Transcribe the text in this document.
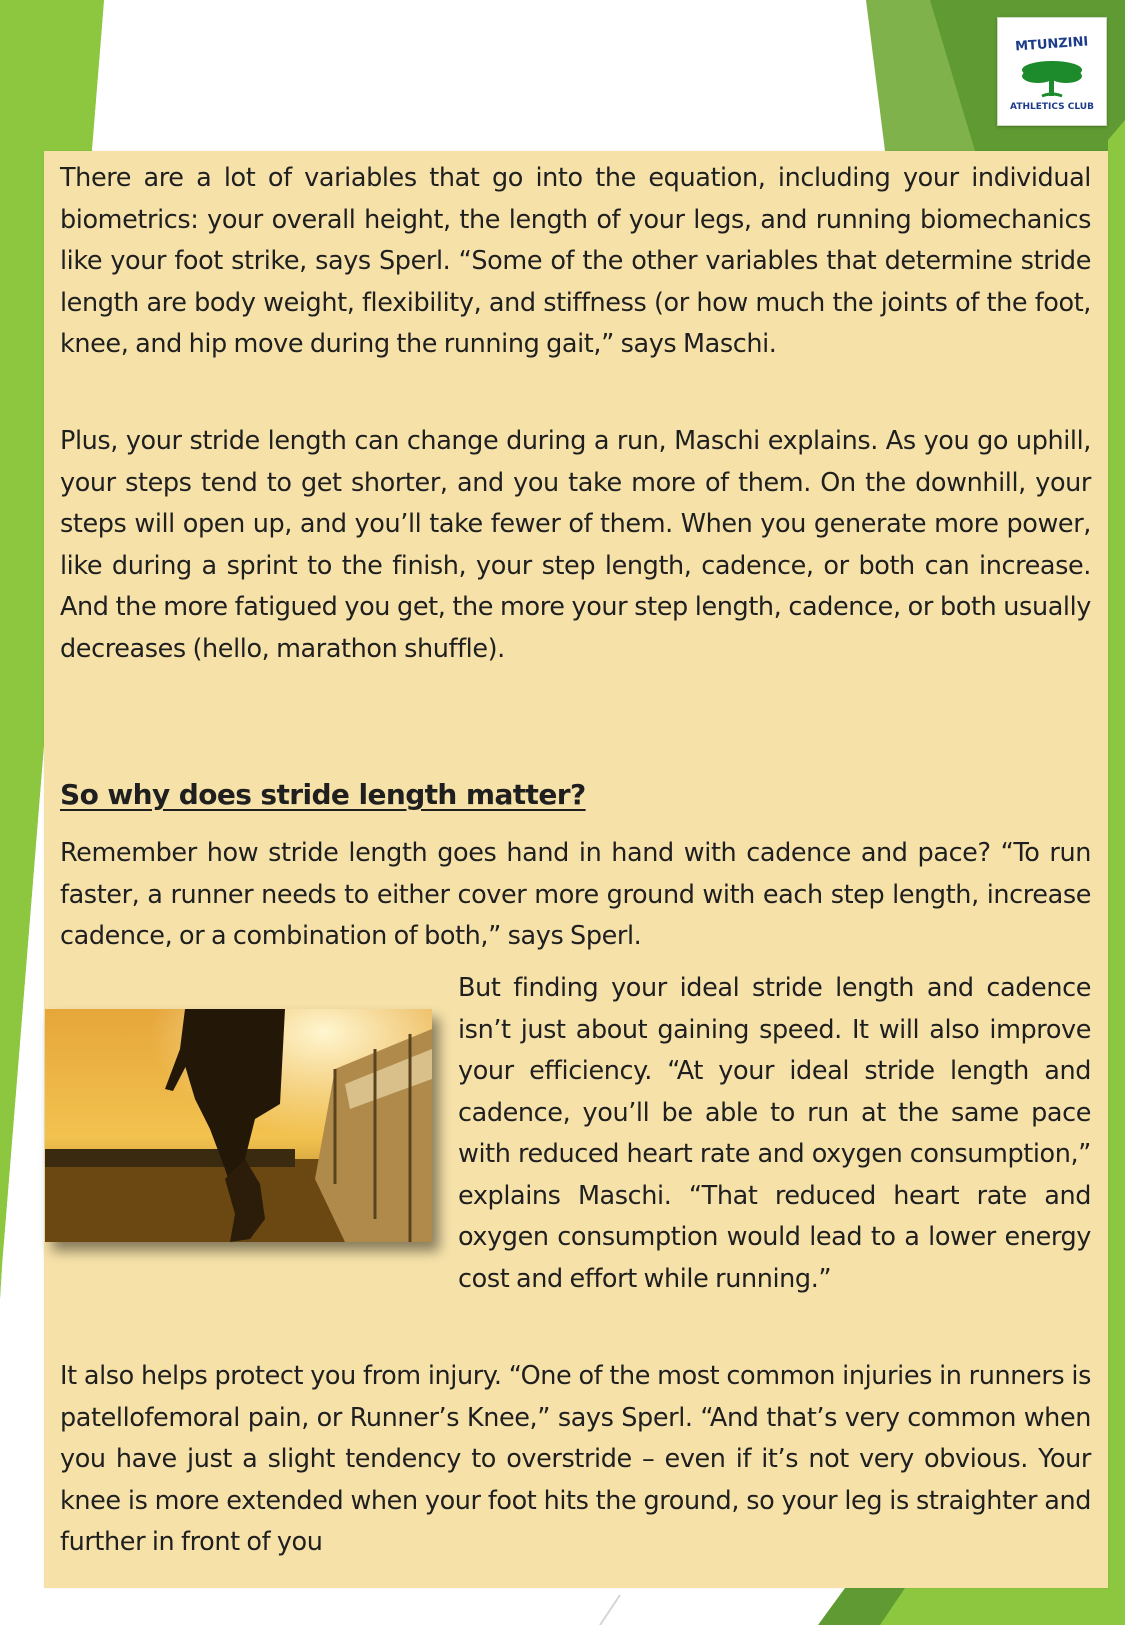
MTUNZINI
ATHLETICS CLUB

There are a lot of variables that go into the equation, including your individual biometrics: your overall height, the length of your legs, and running biomechanics like your foot strike, says Sperl. “Some of the other variables that determine stride length are body weight, flexibility, and stiffness (or how much the joints of the foot, knee, and hip move during the running gait,” says Maschi.

Plus, your stride length can change during a run, Maschi explains. As you go uphill, your steps tend to get shorter, and you take more of them. On the downhill, your steps will open up, and you’ll take fewer of them. When you generate more power, like during a sprint to the finish, your step length, cadence, or both can increase. And the more fatigued you get, the more your step length, cadence, or both usually decreases (hello, marathon shuffle).

So why does stride length matter?

Remember how stride length goes hand in hand with cadence and pace? “To run faster, a runner needs to either cover more ground with each step length, increase cadence, or a combination of both,” says Sperl.

But finding your ideal stride length and cadence isn’t just about gaining speed. It will also improve your efficiency. “At your ideal stride length and cadence, you’ll be able to run at the same pace with reduced heart rate and oxygen consumption,” explains Maschi. “That reduced heart rate and oxygen consumption would lead to a lower energy cost and effort while running.”

It also helps protect you from injury. “One of the most common injuries in runners is patellofemoral pain, or Runner’s Knee,” says Sperl. “And that’s very common when you have just a slight tendency to overstride – even if it’s not very obvious. Your knee is more extended when your foot hits the ground, so your leg is straighter and further in front of you
